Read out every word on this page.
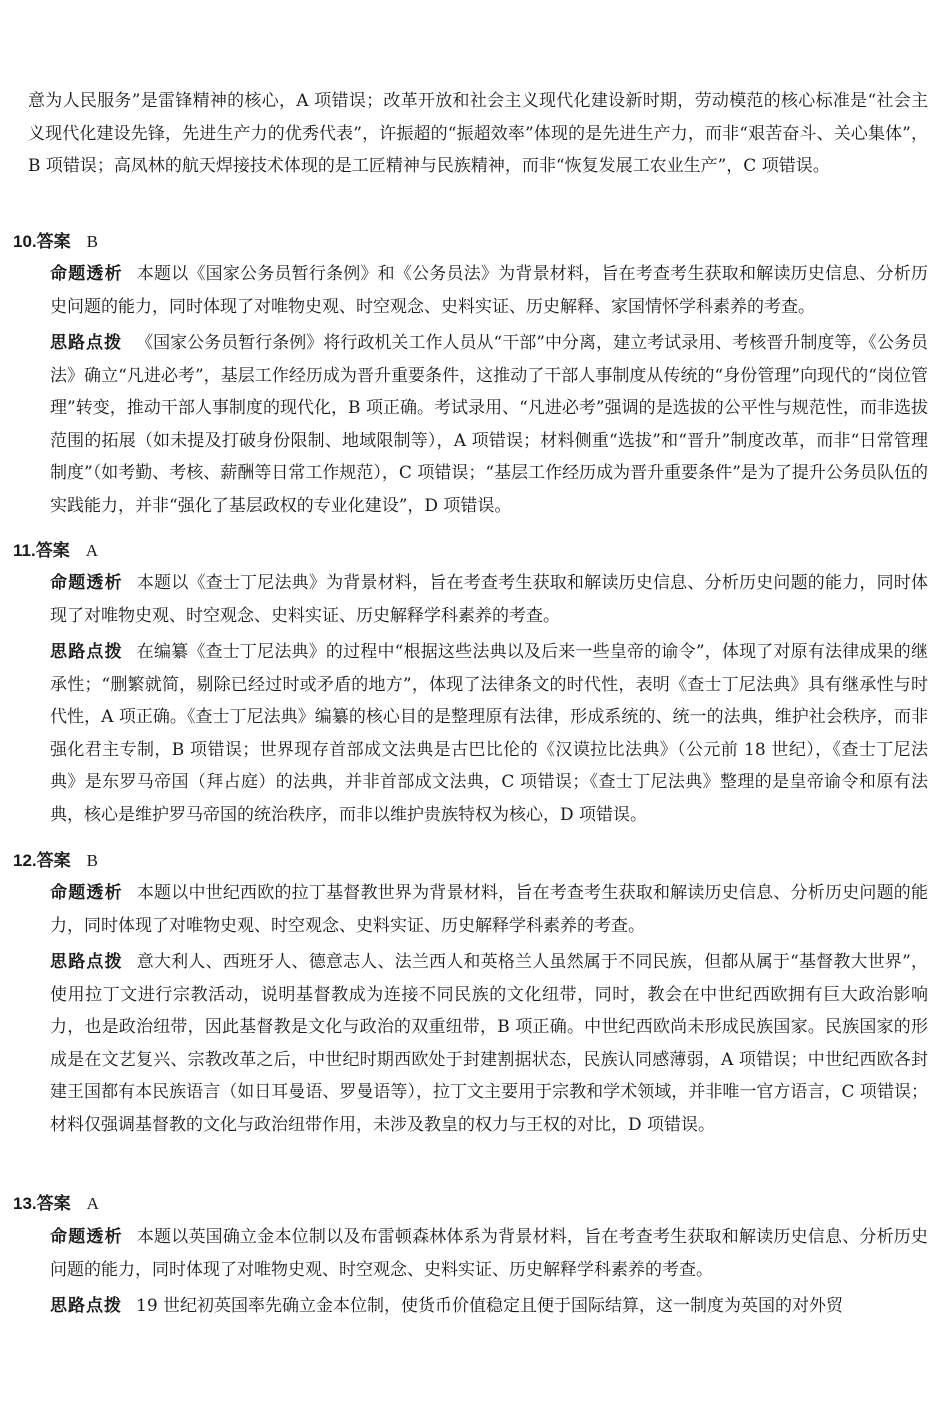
意为人民服务”是雷锋精神的核心，A 项错误；改革开放和社会主义现代化建设新时期，劳动模范的核心标准是“社会主义现代化建设先锋，先进生产力的优秀代表”，许振超的“振超效率”体现的是先进生产力，而非“艰苦奋斗、关心集体”，B 项错误；高凤林的航天焊接技术体现的是工匠精神与民族精神，而非“恢复发展工农业生产”，C 项错误。

10.答案 B

命题透析 本题以《国家公务员暂行条例》和《公务员法》为背景材料，旨在考查考生获取和解读历史信息、分析历史问题的能力，同时体现了对唯物史观、时空观念、史料实证、历史解释、家国情怀学科素养的考查。

思路点拨 《国家公务员暂行条例》将行政机关工作人员从“干部”中分离，建立考试录用、考核晋升制度等，《公务员法》确立“凡进必考”，基层工作经历成为晋升重要条件，这推动了干部人事制度从传统的“身份管理”向现代的“岗位管理”转变，推动干部人事制度的现代化，B 项正确。考试录用、“凡进必考”强调的是选拔的公平性与规范性，而非选拔范围的拓展（如未提及打破身份限制、地域限制等），A 项错误；材料侧重“选拔”和“晋升”制度改革，而非“日常管理制度”（如考勤、考核、薪酬等日常工作规范），C 项错误；“基层工作经历成为晋升重要条件”是为了提升公务员队伍的实践能力，并非“强化了基层政权的专业化建设”，D 项错误。

11.答案 A

命题透析 本题以《查士丁尼法典》为背景材料，旨在考查考生获取和解读历史信息、分析历史问题的能力，同时体现了对唯物史观、时空观念、史料实证、历史解释学科素养的考查。

思路点拨 在编纂《查士丁尼法典》的过程中“根据这些法典以及后来一些皇帝的谕令”，体现了对原有法律成果的继承性；“删繁就简，剔除已经过时或矛盾的地方”，体现了法律条文的时代性，表明《查士丁尼法典》具有继承性与时代性，A 项正确。《查士丁尼法典》编纂的核心目的是整理原有法律，形成系统的、统一的法典，维护社会秩序，而非强化君主专制，B 项错误；世界现存首部成文法典是古巴比伦的《汉谟拉比法典》（公元前 18 世纪），《查士丁尼法典》是东罗马帝国（拜占庭）的法典，并非首部成文法典，C 项错误；《查士丁尼法典》整理的是皇帝谕令和原有法典，核心是维护罗马帝国的统治秩序，而非以维护贵族特权为核心，D 项错误。

12.答案 B

命题透析 本题以中世纪西欧的拉丁基督教世界为背景材料，旨在考查考生获取和解读历史信息、分析历史问题的能力，同时体现了对唯物史观、时空观念、史料实证、历史解释学科素养的考查。

思路点拨 意大利人、西班牙人、德意志人、法兰西人和英格兰人虽然属于不同民族，但都从属于“基督教大世界”，使用拉丁文进行宗教活动，说明基督教成为连接不同民族的文化纽带，同时，教会在中世纪西欧拥有巨大政治影响力，也是政治纽带，因此基督教是文化与政治的双重纽带，B 项正确。中世纪西欧尚未形成民族国家。民族国家的形成是在文艺复兴、宗教改革之后，中世纪时期西欧处于封建割据状态，民族认同感薄弱，A 项错误；中世纪西欧各封建王国都有本民族语言（如日耳曼语、罗曼语等），拉丁文主要用于宗教和学术领域，并非唯一官方语言，C 项错误；材料仅强调基督教的文化与政治纽带作用，未涉及教皇的权力与王权的对比，D 项错误。

13.答案 A

命题透析 本题以英国确立金本位制以及布雷顿森林体系为背景材料，旨在考查考生获取和解读历史信息、分析历史问题的能力，同时体现了对唯物史观、时空观念、史料实证、历史解释学科素养的考查。

思路点拨 19 世纪初英国率先确立金本位制，使货币价值稳定且便于国际结算，这一制度为英国的对外贸
